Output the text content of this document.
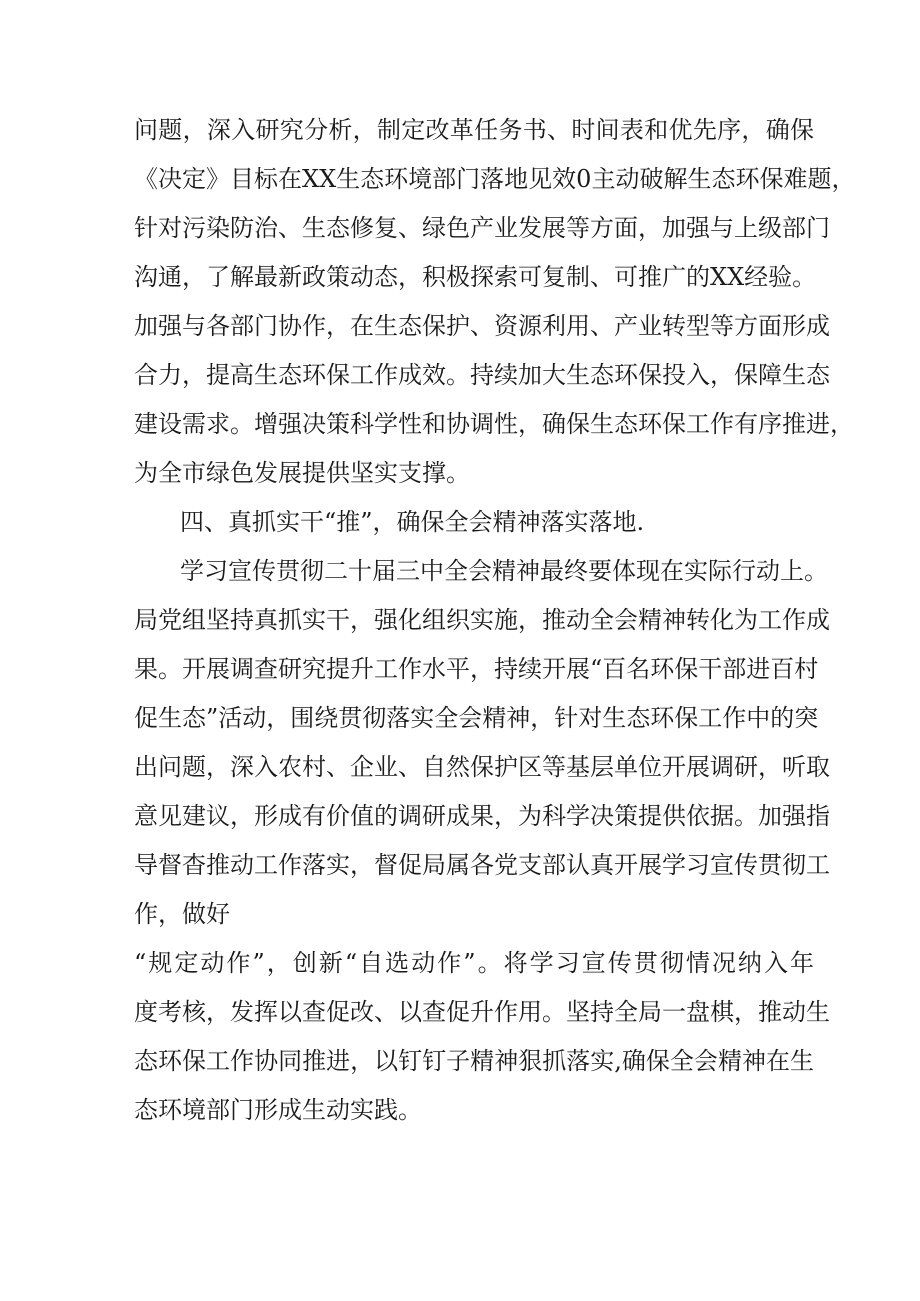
问题，深入研究分析，制定改革任务书、时间表和优先序，确保
《决定》目标在XX生态环境部门落地见效0主动破解生态环保难题，
针对污染防治、生态修复、绿色产业发展等方面，加强与上级部门
沟通，了解最新政策动态，积极探索可复制、可推广的XX经验。
加强与各部门协作，在生态保护、资源利用、产业转型等方面形成
合力，提高生态环保工作成效。持续加大生态环保投入，保障生态
建设需求。增强决策科学性和协调性，确保生态环保工作有序推进，
为全市绿色发展提供坚实支撑。
四、真抓实干“推”，确保全会精神落实落地.
学习宣传贯彻二十届三中全会精神最终要体现在实际行动上。
局党组坚持真抓实干，强化组织实施，推动全会精神转化为工作成
果。开展调查研究提升工作水平，持续开展“百名环保干部进百村
促生态”活动，围绕贯彻落实全会精神，针对生态环保工作中的突
出问题，深入农村、企业、自然保护区等基层单位开展调研，听取
意见建议，形成有价值的调研成果，为科学决策提供依据。加强指
导督杳推动工作落实，督促局属各党支部认真开展学习宣传贯彻工
作，做好
“规定动作”，创新“自选动作”。将学习宣传贯彻情况纳入年
度考核，发挥以查促改、以查促升作用。坚持全局一盘棋，推动生
态环保工作协同推进，以钉钉子精神狠抓落实,确保全会精神在生
态环境部门形成生动实践。
